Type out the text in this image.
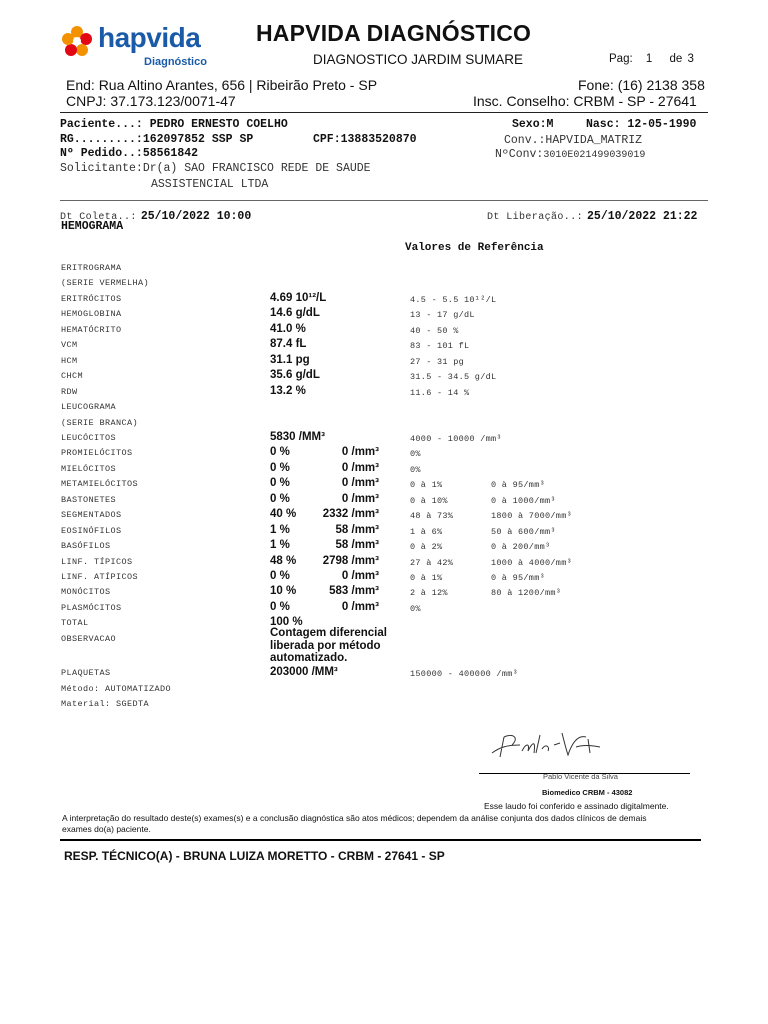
hapvida
Diagnóstico
HAPVIDA DIAGNÓSTICO
DIAGNOSTICO JARDIM SUMARE	Pag: 1 de 3
End: Rua Altino Arantes, 656 | Ribeirão Preto - SP	Fone: (16) 2138 358
CNPJ: 37.173.123/0071-47	Insc. Conselho: CRBM - SP - 27641
Paciente...: PEDRO ERNESTO COELHO	Sexo:M	Nasc: 12-05-1990
RG.........:162097852 SSP SP	CPF:13883520870	Conv.:HAPVIDA_MATRIZ
Nº Pedido..:58561842	NºConv:3010E021499039019
Solicitante:Dr(a) SAO FRANCISCO REDE DE SAUDE
ASSISTENCIAL LTDA
Dt Coleta..: 25/10/2022 10:00	Dt Liberação..: 25/10/2022 21:22
HEMOGRAMA
Valores de Referência
ERITROGRAMA
(SERIE VERMELHA)
ERITRÓCITOS	4.69 10¹²/L	4.5 - 5.5 10¹²/L
HEMOGLOBINA	14.6 g/dL	13 - 17 g/dL
HEMATÓCRITO	41.0 %	40 - 50 %
VCM	87.4 fL	83 - 101 fL
HCM	31.1 pg	27 - 31 pg
CHCM	35.6 g/dL	31.5 - 34.5 g/dL
RDW	13.2 %	11.6 - 14 %
LEUCOGRAMA
(SERIE BRANCA)
LEUCÓCITOS	5830 /MM³	4000 - 10000 /mm³
PROMIELÓCITOS	0 %	0 /mm³	0%
MIELÓCITOS	0 %	0 /mm³	0%
METAMIELÓCITOS	0 %	0 /mm³	0 à 1%	0 à 95/mm³
BASTONETES	0 %	0 /mm³	0 à 10%	0 à 1000/mm³
SEGMENTADOS	40 % 2332 /mm³	48 à 73%	1800 à 7000/mm³
EOSINÓFILOS	1 %	58 /mm³	1 à 6%	50 à 600/mm³
BASÓFILOS	1 %	58 /mm³	0 à 2%	0 à 200/mm³
LINF. TÍPICOS	48 % 2798 /mm³	27 à 42%	1000 à 4000/mm³
LINF. ATÍPICOS	0 %	0 /mm³	0 à 1%	0 à 95/mm³
MONÓCITOS	10 %	583 /mm³	2 à 12%	80 à 1200/mm³
PLASMÓCITOS	0 %	0 /mm³	0%
TOTAL	100 %
OBSERVACAO	Contagem diferencial
liberada por método
automatizado.
PLAQUETAS	203000 /MM³	150000 - 400000 /mm³
Método: AUTOMATIZADO
Material: SGEDTA
Pablo Vicente da Silva
Biomedico CRBM - 43082
Esse laudo foi conferido e assinado digitalmente.
A interpretação do resultado deste(s) exames(s) e a conclusão diagnóstica são atos médicos; dependem da análise conjunta dos dados clínicos de demais
exames do(a) paciente.
RESP. TÉCNICO(A) - BRUNA LUIZA MORETTO - CRBM - 27641 - SP
